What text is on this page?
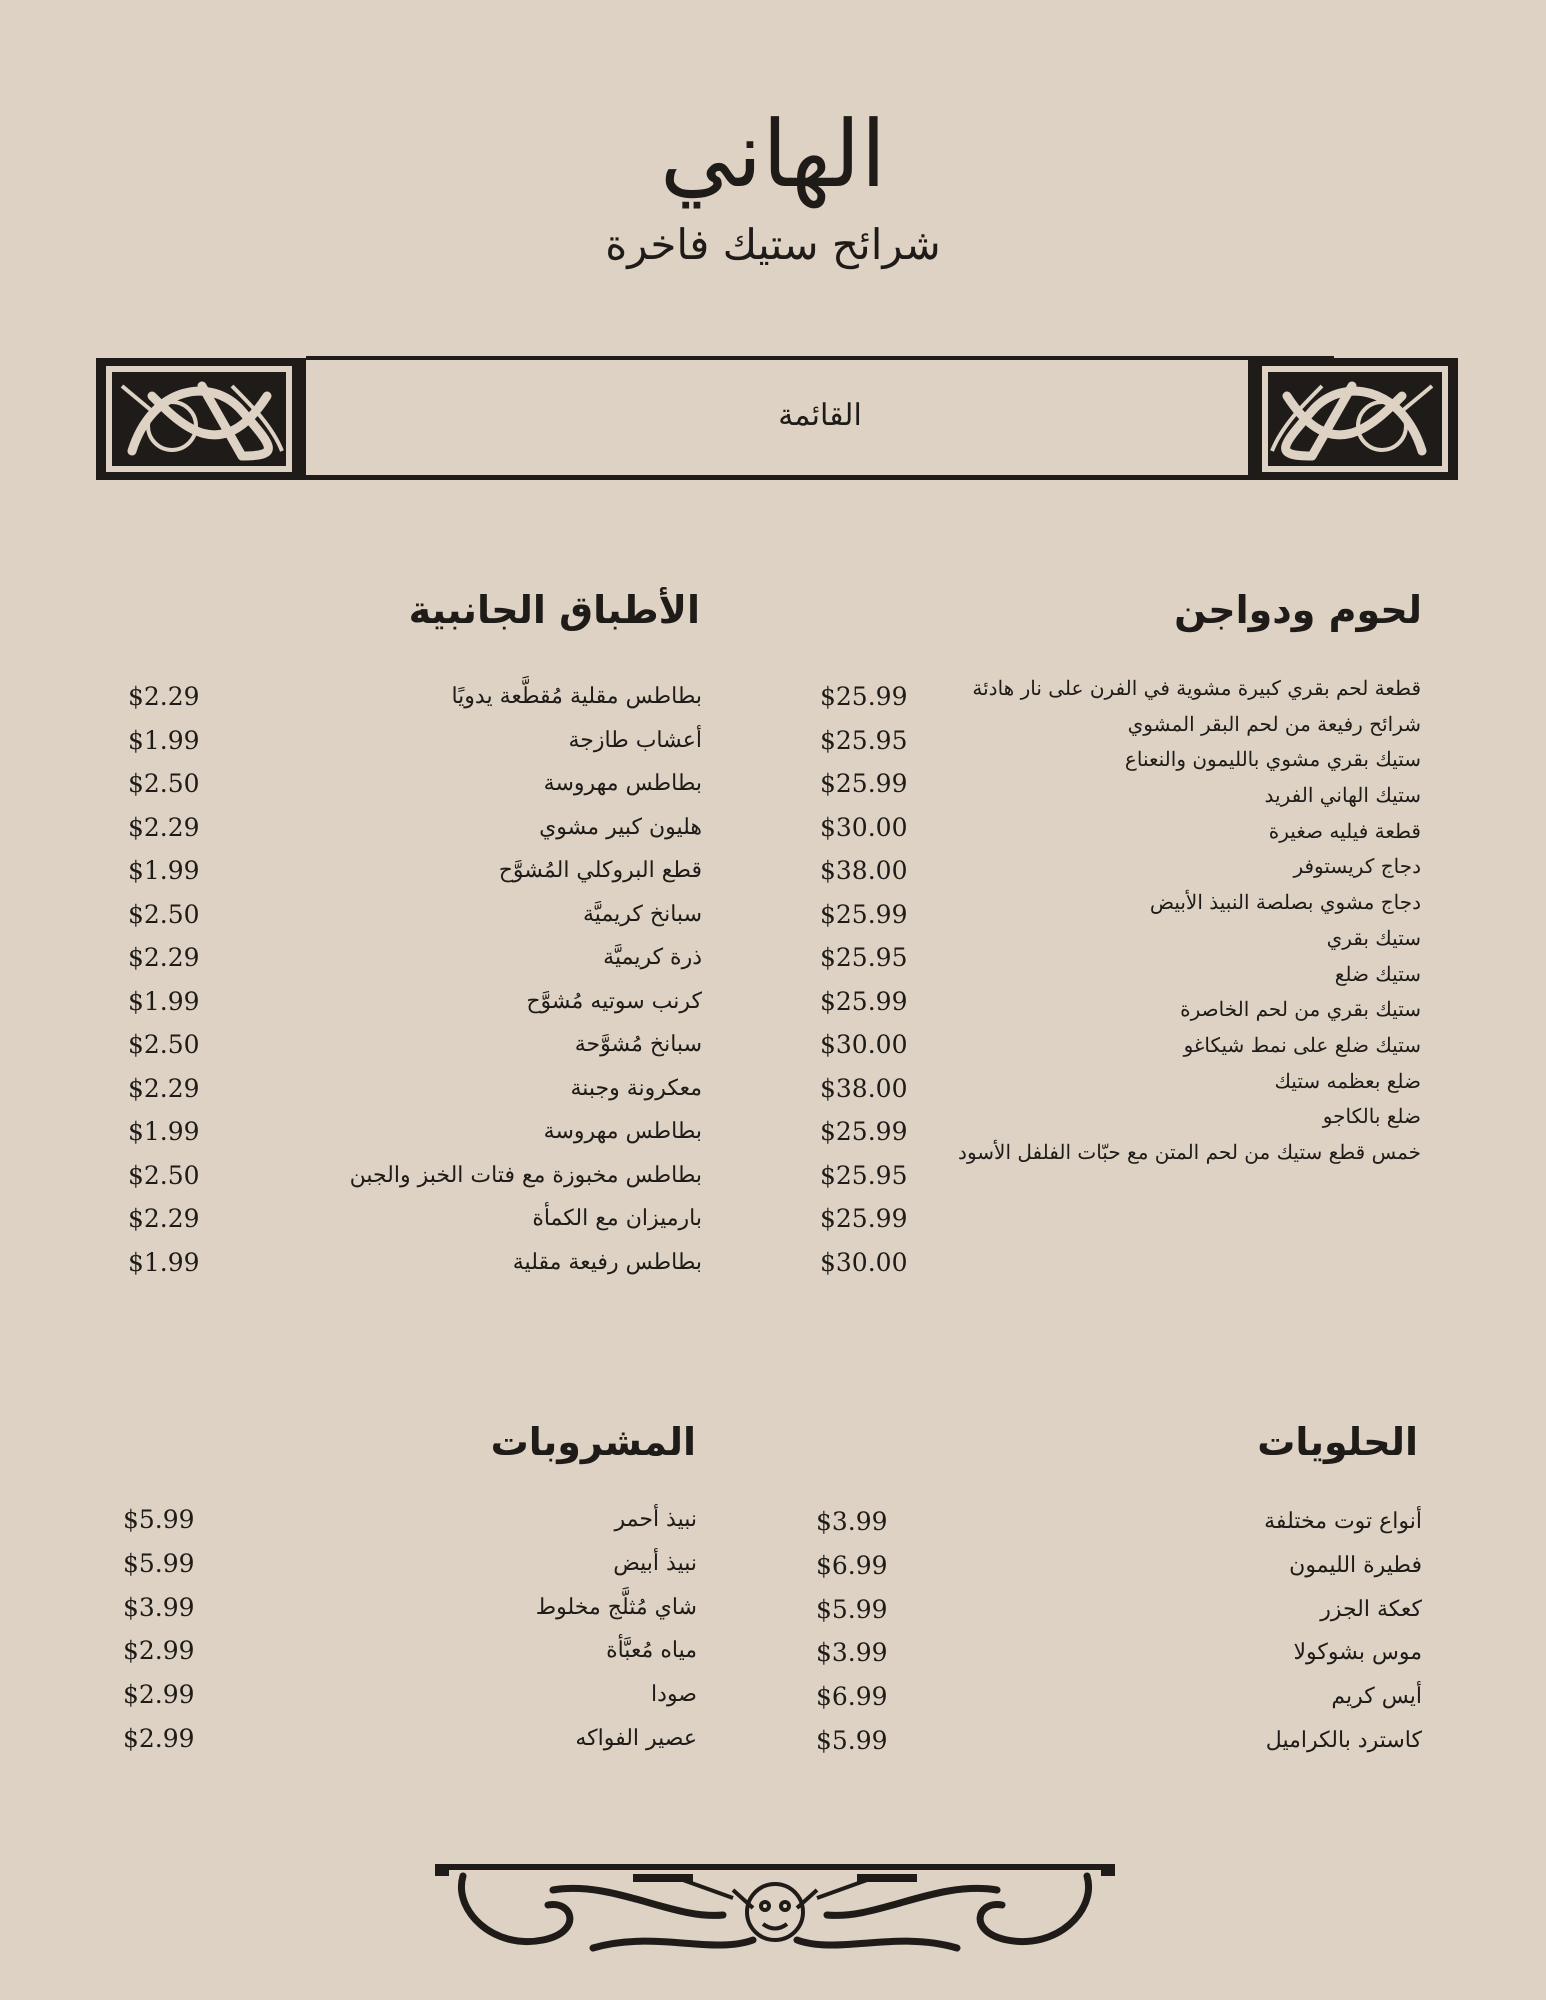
الهاني
شرائح ستيك فاخرة
القائمة
لحوم ودواجن
قطعة لحم بقري كبيرة مشوية في الفرن على نار هادئة
شرائح رفيعة من لحم البقر المشوي
ستيك بقري مشوي بالليمون والنعناع
ستيك الهاني الفريد
قطعة فيليه صغيرة
دجاج كريستوفر
دجاج مشوي بصلصة النبيذ الأبيض
ستيك بقري
ستيك ضلع
ستيك بقري من لحم الخاصرة
ستيك ضلع على نمط شيكاغو
ضلع بعظمه ستيك
ضلع بالكاجو
خمس قطع ستيك من لحم المتن مع حبّات الفلفل الأسود
$25.99
$25.95
$25.99
$30.00
$38.00
$25.99
$25.95
$25.99
$30.00
$38.00
$25.99
$25.95
$25.99
$30.00
الأطباق الجانبية
بطاطس مقلية مُقطَّعة يدويًا
$2.29
أعشاب طازجة
$1.99
بطاطس مهروسة
$2.50
هليون كبير مشوي
$2.29
قطع البروكلي المُشوَّح
$1.99
سبانخ كريميَّة
$2.50
ذرة كريميَّة
$2.29
كرنب سوتيه مُشوَّح
$1.99
سبانخ مُشوَّحة
$2.50
معكرونة وجبنة
$2.29
بطاطس مهروسة
$1.99
بطاطس مخبوزة مع فتات الخبز والجبن
$2.50
بارميزان مع الكمأة
$2.29
بطاطس رفيعة مقلية
$1.99
الحلويات
أنواع توت مختلفة
$3.99
فطيرة الليمون
$6.99
كعكة الجزر
$5.99
موس بشوكولا
$3.99
أيس كريم
$6.99
كاسترد بالكراميل
$5.99
المشروبات
نبيذ أحمر
$5.99
نبيذ أبيض
$5.99
شاي مُثلَّج مخلوط
$3.99
مياه مُعبَّأة
$2.99
صودا
$2.99
عصير الفواكه
$2.99
